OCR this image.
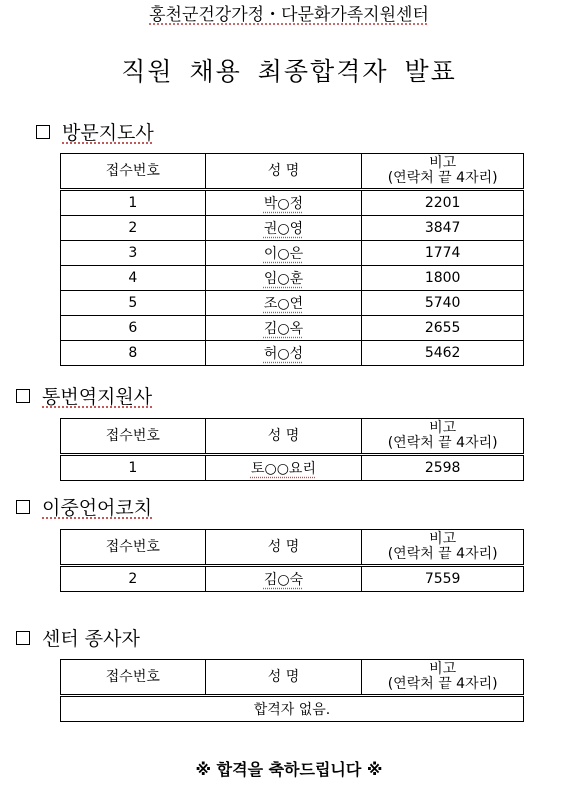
홍천군건강가정・다문화가족지원센터
직원 채용 최종합격자 발표
방문지도사
접수번호	성 명	비고
(연락처 끝 4자리)
1	박○정	2201
2	권○영	3847
3	이○은	1774
4	임○훈	1800
5	조○연	5740
6	김○옥	2655
8	허○성	5462
통번역지원사
접수번호	성 명	비고
(연락처 끝 4자리)
1	토○○요리	2598
이중언어코치
접수번호	성 명	비고
(연락처 끝 4자리)
2	김○숙	7559
센터 종사자
접수번호	성 명	비고
(연락처 끝 4자리)
합격자 없음.
※ 합격을 축하드립니다 ※
